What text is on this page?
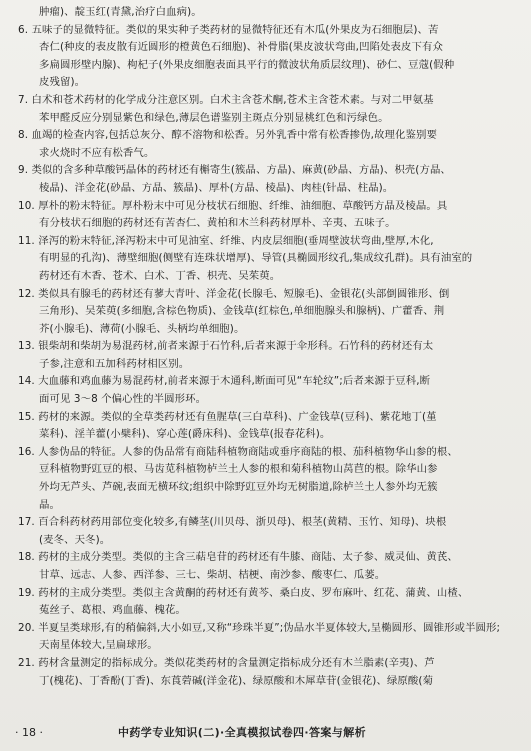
肿瘤)、靛玉红(青黛,治疗白血病)。
6. 五味子的显微特征。类似的果实种子类药材的显微特征还有木瓜(外果皮为石细胞层)、苦
杏仁(种皮的表皮散有近圆形的橙黄色石细胞)、补骨脂(果皮波状弯曲,凹陷处表皮下有众
多扁圆形壁内腺)、枸杞子(外果皮细胞表面具平行的微波状角质层纹理)、砂仁、豆蔻(假种
皮残留)。
7. 白术和苍术药材的化学成分注意区别。白术主含苍术酮,苍术主含苍术素。与对二甲氨基
苯甲醛反应分别显紫色和绿色,薄层色谱鉴别主斑点分别显桃红色和污绿色。
8. 血竭的检查内容,包括总灰分、醇不溶物和松香。另外乳香中常有松香掺伪,故理化鉴别要
求火烧时不应有松香气。
9. 类似的含多种草酸钙晶体的药材还有槲寄生(簇晶、方晶)、麻黄(砂晶、方晶)、枳壳(方晶、
棱晶)、洋金花(砂晶、方晶、簇晶)、厚朴(方晶、棱晶)、肉桂(针晶、柱晶)。
10. 厚朴的粉末特征。厚朴粉末中可见分枝状石细胞、纤维、油细胞、草酸钙方晶及棱晶。具
有分枝状石细胞的药材还有苦杏仁、黄柏和木兰科药材厚朴、辛夷、五味子。
11. 泽泻的粉末特征,泽泻粉末中可见油室、纤维、内皮层细胞(垂周壁波状弯曲,壁厚,木化,
有明显的孔沟)、薄壁细胞(侧壁有连珠状增厚)、导管(具椭圆形纹孔,集成纹孔群)。具有油室的
药材还有木香、苍术、白术、丁香、枳壳、吴茱萸。
12. 类似具有腺毛的药材还有蓼大青叶、洋金花(长腺毛、短腺毛)、金银花(头部倒圆锥形、倒
三角形)、吴茱萸(多细胞,含棕色物质)、金钱草(红棕色,单细胞腺头和腺柄)、广藿香、荆
芥(小腺毛)、薄荷(小腺毛、头柄均单细胞)。
13. 银柴胡和柴胡为易混药材,前者来源于石竹科,后者来源于伞形科。石竹科的药材还有太
子参,注意和五加科药材相区别。
14. 大血藤和鸡血藤为易混药材,前者来源于木通科,断面可见“车轮纹”;后者来源于豆科,断
面可见 3～8 个偏心性的半圆形环。
15. 药材的来源。类似的全草类药材还有鱼腥草(三白草科)、广金钱草(豆科)、紫花地丁(堇
菜科)、淫羊藿(小檗科)、穿心莲(爵床科)、金钱草(报春花科)。
16. 人参伪品的特征。人参的伪品常有商陆科植物商陆或垂序商陆的根、茄科植物华山参的根、
豆科植物野豇豆的根、马齿苋科植物栌兰土人参的根和菊科植物山莴苣的根。除华山参
外均无芦头、芦碗,表面无横环纹;组织中除野豇豆外均无树脂道,除栌兰土人参外均无簇
晶。
17. 百合科药材药用部位变化较多,有鳞茎(川贝母、浙贝母)、根茎(黄精、玉竹、知母)、块根
(麦冬、天冬)。
18. 药材的主成分类型。类似的主含三萜皂苷的药材还有牛膝、商陆、太子参、威灵仙、黄芪、
甘草、远志、人参、西洋参、三七、柴胡、桔梗、南沙参、酸枣仁、瓜蒌。
19. 药材的主成分类型。类似主含黄酮的药材还有黄芩、桑白皮、罗布麻叶、红花、蒲黄、山楂、
菟丝子、葛根、鸡血藤、槐花。
20. 半夏呈类球形,有的稍偏斜,大小如豆,又称“珍珠半夏”;伪品水半夏体较大,呈椭圆形、圆锥形或半圆形;
天南星体较大,呈扁球形。
21. 药材含量测定的指标成分。类似花类药材的含量测定指标成分还有木兰脂素(辛夷)、芦
丁(槐花)、丁香酚(丁香)、东莨菪碱(洋金花)、绿原酸和木犀草苷(金银花)、绿原酸(菊
· 18 ·	中药学专业知识(二)·全真模拟试卷四·答案与解析
